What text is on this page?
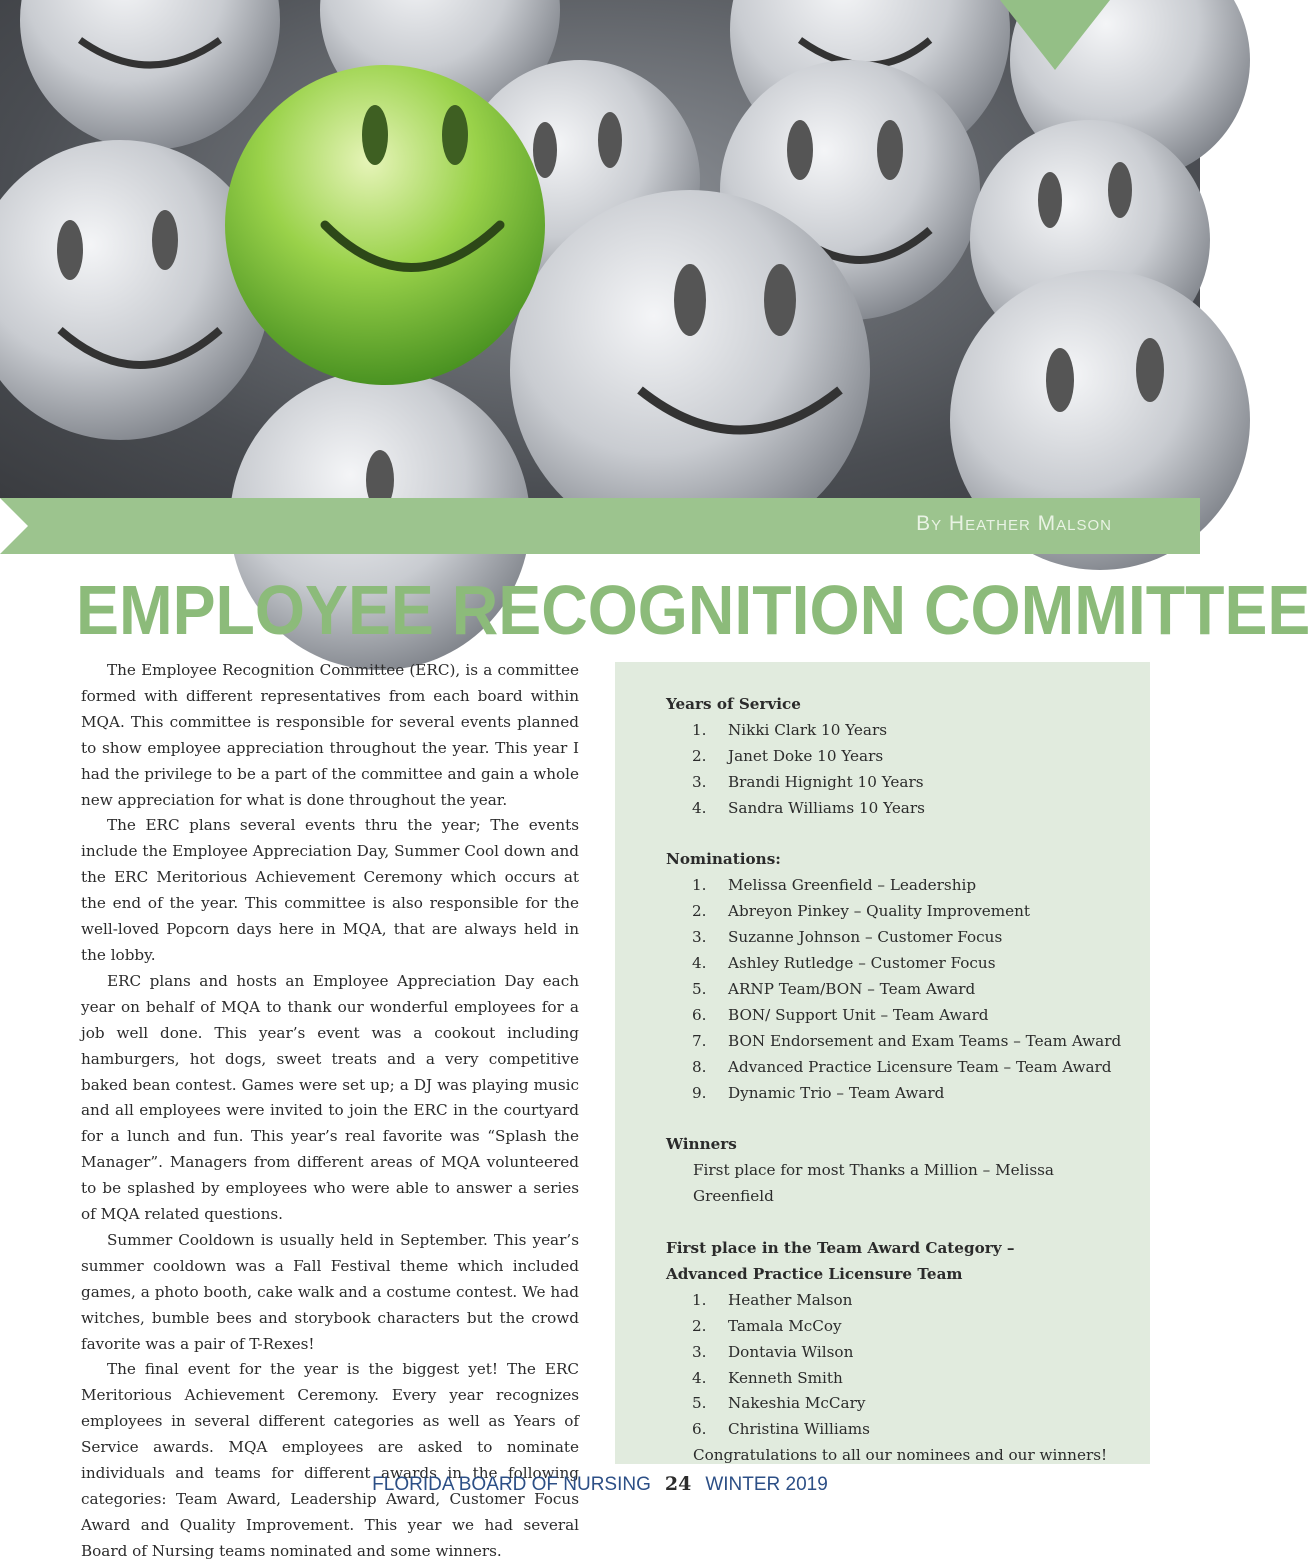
By Heather Malson
EMPLOYEE RECOGNITION COMMITTEE

The Employee Recognition Committee (ERC), is a committee formed with different representatives from each board within MQA. This committee is responsible for several events planned to show employee appreciation throughout the year. This year I had the privilege to be a part of the committee and gain a whole new appreciation for what is done throughout the year.

The ERC plans several events thru the year; The events include the Employee Appreciation Day, Summer Cool down and the ERC Meritorious Achievement Ceremony which occurs at the end of the year. This committee is also responsible for the well-loved Popcorn days here in MQA, that are always held in the lobby.

ERC plans and hosts an Employee Appreciation Day each year on behalf of MQA to thank our wonderful employees for a job well done. This year’s event was a cookout including hamburgers, hot dogs, sweet treats and a very competitive baked bean contest. Games were set up; a DJ was playing music and all employees were invited to join the ERC in the courtyard for a lunch and fun. This year’s real favorite was “Splash the Manager”. Managers from different areas of MQA volunteered to be splashed by employees who were able to answer a series of MQA related questions.

Summer Cooldown is usually held in September. This year’s summer cooldown was a Fall Festival theme which included games, a photo booth, cake walk and a costume contest. We had witches, bumble bees and storybook characters but the crowd favorite was a pair of T-Rexes!

The final event for the year is the biggest yet! The ERC Meritorious Achievement Ceremony. Every year recognizes employees in several different categories as well as Years of Service awards. MQA employees are asked to nominate individuals and teams for different awards in the following categories: Team Award, Leadership Award, Customer Focus Award and Quality Improvement. This year we had several Board of Nursing teams nominated and some winners.

Years of Service
1.	Nikki Clark 10 Years
2.	Janet Doke 10 Years
3.	Brandi Hignight 10 Years
4.	Sandra Williams 10 Years
Nominations:
1.	Melissa Greenfield – Leadership
2.	Abreyon Pinkey – Quality Improvement
3.	Suzanne Johnson – Customer Focus
4.	Ashley Rutledge – Customer Focus
5.	ARNP Team/BON – Team Award
6.	BON/ Support Unit – Team Award
7.	BON Endorsement and Exam Teams – Team Award
8.	Advanced Practice Licensure Team – Team Award
9.	Dynamic Trio – Team Award
Winners
First place for most Thanks a Million – Melissa Greenfield
First place in the Team Award Category –
Advanced Practice Licensure Team
1.	Heather Malson
2.	Tamala McCoy
3.	Dontavia Wilson
4.	Kenneth Smith
5.	Nakeshia McCary
6.	Christina Williams
Congratulations to all our nominees and our winners!
FLORIDA BOARD OF NURSING 24 WINTER 2019
